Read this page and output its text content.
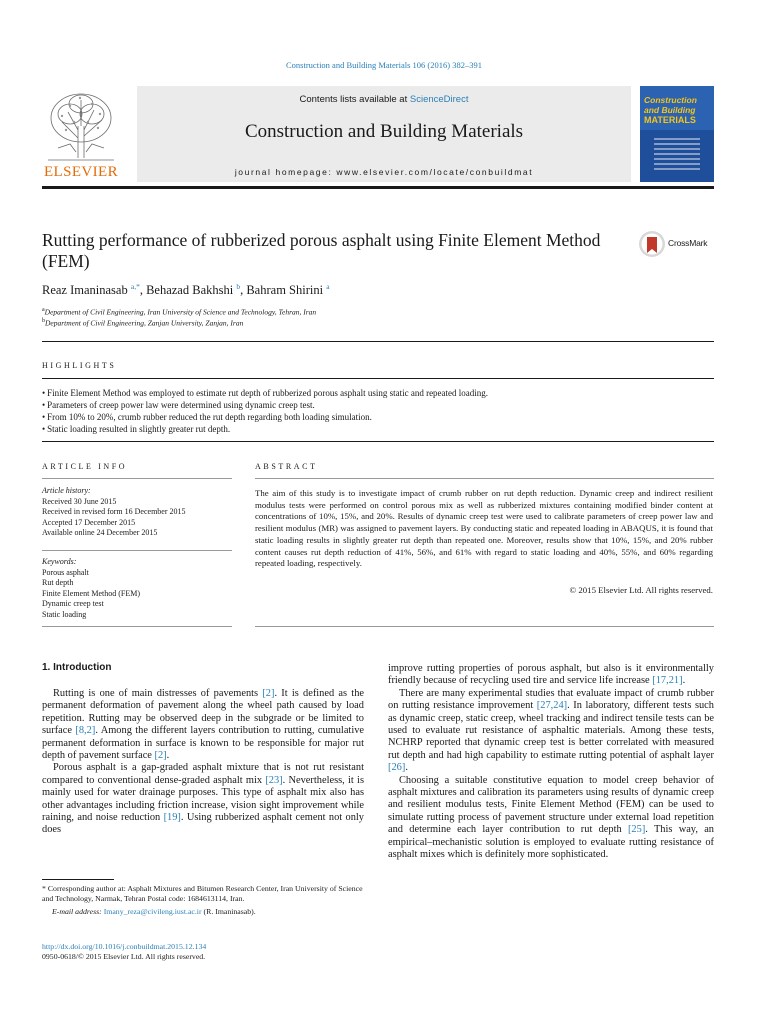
Construction and Building Materials 106 (2016) 382–391
Contents lists available at ScienceDirect
Construction and Building Materials
journal homepage: www.elsevier.com/locate/conbuildmat
ELSEVIER
Construction
and Building
MATERIALS
Rutting performance of rubberized porous asphalt using Finite Element Method (FEM)
CrossMark
Reaz Imaninasab $^{a,*}$, Behazad Bakhshi $^b$, Bahram Shirini $^a$
$^a$Department of Civil Engineering, Iran University of Science and Technology, Tehran, Iran
$^b$Department of Civil Engineering, Zanjan University, Zanjan, Iran
HIGHLIGHTS
• Finite Element Method was employed to estimate rut depth of rubberized porous asphalt using static and repeated loading.
• Parameters of creep power law were determined using dynamic creep test.
• From 10% to 20%, crumb rubber reduced the rut depth regarding both loading simulation.
• Static loading resulted in slightly greater rut depth.
ARTICLE INFO
Article history:
Received 30 June 2015
Received in revised form 16 December 2015
Accepted 17 December 2015
Available online 24 December 2015
Keywords:
Porous asphalt
Rut depth
Finite Element Method (FEM)
Dynamic creep test
Static loading
ABSTRACT
The aim of this study is to investigate impact of crumb rubber on rut depth reduction. Dynamic creep and indirect resilient modulus tests were performed on control porous mix as well as rubberized mixtures containing modified binder content at concentrations of 10%, 15%, and 20%. Results of dynamic creep test were used to calibrate parameters of creep power law and resilient modulus (MR) was assigned to pavement layers. By conducting static and repeated loading in ABAQUS, it is found that static loading results in slightly greater rut depth than repeated one. Moreover, results show that 10%, 15%, and 20% rubber content causes rut depth reduction of 41%, 56%, and 61% with regard to static loading and 40%, 55%, and 60% regarding repeated loading, respectively.
© 2015 Elsevier Ltd. All rights reserved.
1. Introduction

Rutting is one of main distresses of pavements [2]. It is defined as the permanent deformation of pavement along the wheel path caused by load repetition. Rutting may be observed deep in the subgrade or be limited to surface [8,2]. Among the different layers contribution to rutting, cumulative permanent deformation in surface is known to be responsible for major rut depth of pavement surface [2].

Porous asphalt is a gap-graded asphalt mixture that is not rut resistant compared to conventional dense-graded asphalt mix [23]. Nevertheless, it is mainly used for water drainage purposes. This type of asphalt mix also has other advantages including friction increase, vision sight improvement while raining, and noise reduction [19]. Using rubberized asphalt cement not only does

improve rutting properties of porous asphalt, but also is it environmentally friendly because of recycling used tire and service life increase [17,21].

There are many experimental studies that evaluate impact of crumb rubber on rutting resistance improvement [27,24]. In laboratory, different tests such as dynamic creep, static creep, wheel tracking and indirect tensile tests can be used to evaluate rut resistance of asphaltic materials. Among these tests, NCHRP reported that dynamic creep test is better correlated with measured rut depth and had high capability to estimate rutting potential of asphalt layer [26].

Choosing a suitable constitutive equation to model creep behavior of asphalt mixtures and calibration its parameters using results of dynamic creep and resilient modulus tests, Finite Element Method (FEM) can be used to simulate rutting process of pavement structure under external load repetition and determine each layer contribution to rut depth [25]. This way, an empirical–mechanistic solution is employed to evaluate rutting resistance of asphalt mixes which is definitely more sophisticated.

* Corresponding author at: Asphalt Mixtures and Bitumen Research Center, Iran University of Science and Technology, Narmak, Tehran Postal code: 1684613114, Iran.
E-mail address: Imany_reza@civileng.iust.ac.ir (R. Imaninasab).
http://dx.doi.org/10.1016/j.conbuildmat.2015.12.134
0950-0618/© 2015 Elsevier Ltd. All rights reserved.
